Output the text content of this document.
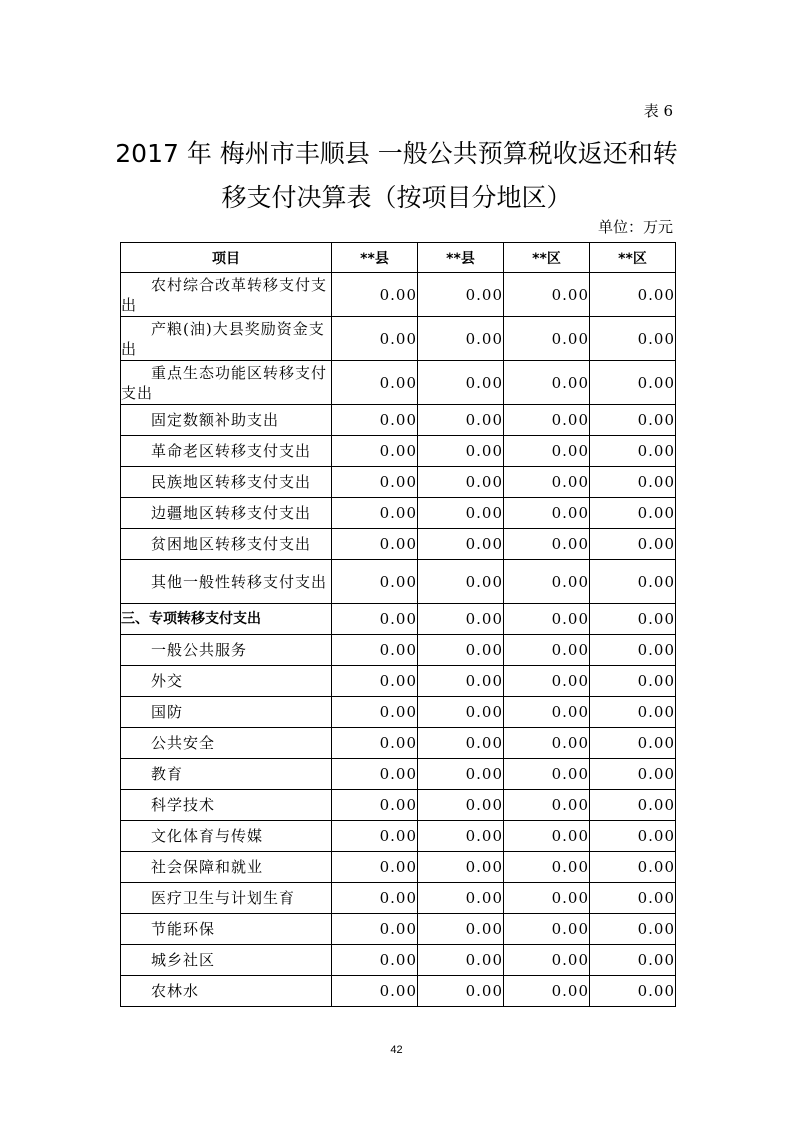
表 6
2017 年 梅州市丰顺县 一般公共预算税收返还和转
移支付决算表（按项目分地区）
单位：万元
项目	**县	**县	**区	**区
农村综合改革转移支付支出	0.00	0.00	0.00	0.00
产粮(油)大县奖励资金支出	0.00	0.00	0.00	0.00
重点生态功能区转移支付支出	0.00	0.00	0.00	0.00
固定数额补助支出	0.00	0.00	0.00	0.00
革命老区转移支付支出	0.00	0.00	0.00	0.00
民族地区转移支付支出	0.00	0.00	0.00	0.00
边疆地区转移支付支出	0.00	0.00	0.00	0.00
贫困地区转移支付支出	0.00	0.00	0.00	0.00
其他一般性转移支付支出	0.00	0.00	0.00	0.00
三、专项转移支付支出	0.00	0.00	0.00	0.00
一般公共服务	0.00	0.00	0.00	0.00
外交	0.00	0.00	0.00	0.00
国防	0.00	0.00	0.00	0.00
公共安全	0.00	0.00	0.00	0.00
教育	0.00	0.00	0.00	0.00
科学技术	0.00	0.00	0.00	0.00
文化体育与传媒	0.00	0.00	0.00	0.00
社会保障和就业	0.00	0.00	0.00	0.00
医疗卫生与计划生育	0.00	0.00	0.00	0.00
节能环保	0.00	0.00	0.00	0.00
城乡社区	0.00	0.00	0.00	0.00
农林水	0.00	0.00	0.00	0.00
42
